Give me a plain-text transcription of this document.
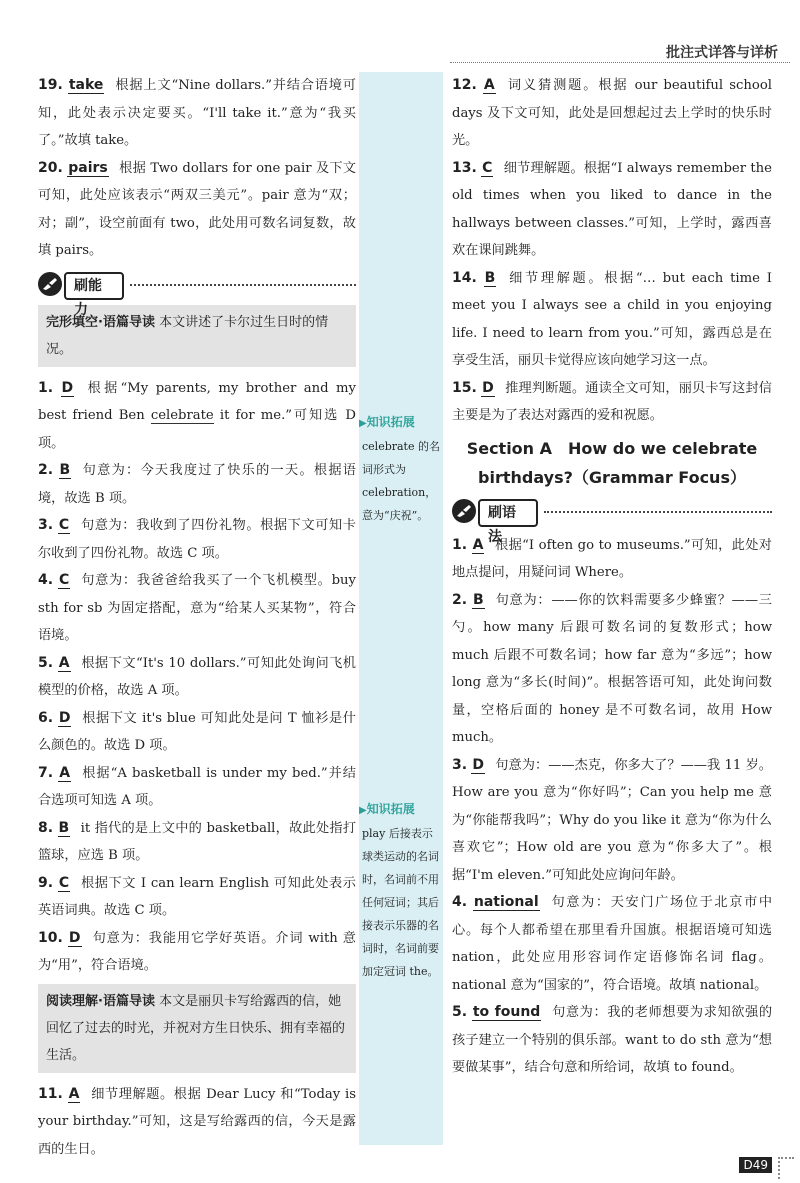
批注式详答与详析
19. take 根据上文“Nine dollars.”并结合语境可知，此处表示决定要买。“I'll take it.”意为“我买了。”故填 take。
20. pairs 根据 Two dollars for one pair 及下文可知，此处应该表示“两双三美元”。pair 意为“双；对；副”，设空前面有 two，此处用可数名词复数，故填 pairs。
刷能力
完形填空·语篇导读 本文讲述了卡尔过生日时的情况。
1. D 根据“My parents, my brother and my best friend Ben celebrate it for me.”可知选 D 项。
2. B 句意为：今天我度过了快乐的一天。根据语境，故选 B 项。
3. C 句意为：我收到了四份礼物。根据下文可知卡尔收到了四份礼物。故选 C 项。
4. C 句意为：我爸爸给我买了一个飞机模型。buy sth for sb 为固定搭配，意为“给某人买某物”，符合语境。
5. A 根据下文“It's 10 dollars.”可知此处询问飞机模型的价格，故选 A 项。
6. D 根据下文 it's blue 可知此处是问 T 恤衫是什么颜色的。故选 D 项。
7. A 根据“A basketball is under my bed.”并结合选项可知选 A 项。
8. B it 指代的是上文中的 basketball，故此处指打篮球，应选 B 项。
9. C 根据下文 I can learn English 可知此处表示英语词典。故选 C 项。
10. D 句意为：我能用它学好英语。介词 with 意为“用”，符合语境。
阅读理解·语篇导读 本文是丽贝卡写给露西的信，她回忆了过去的时光，并祝对方生日快乐、拥有幸福的生活。
11. A 细节理解题。根据 Dear Lucy 和“Today is your birthday.”可知，这是写给露西的信，今天是露西的生日。
▶知识拓展
celebrate 的名词形式为 celebration，意为“庆祝”。
▶知识拓展
play 后接表示球类运动的名词时，名词前不用任何冠词；其后接表示乐器的名词时，名词前要加定冠词 the。
12. A 词义猜测题。根据 our beautiful school days 及下文可知，此处是回想起过去上学时的快乐时光。
13. C 细节理解题。根据“I always remember the old times when you liked to dance in the hallways between classes.”可知，上学时，露西喜欢在课间跳舞。
14. B 细节理解题。根据“… but each time I meet you I always see a child in you enjoying life. I need to learn from you.”可知，露西总是在享受生活，丽贝卡觉得应该向她学习这一点。
15. D 推理判断题。通读全文可知，丽贝卡写这封信主要是为了表达对露西的爱和祝愿。
Section A　How do we celebrate
birthdays?（Grammar Focus）
刷语法
1. A 根据“I often go to museums.”可知，此处对地点提问，用疑问词 Where。
2. B 句意为：——你的饮料需要多少蜂蜜？——三勺。how many 后跟可数名词的复数形式；how much 后跟不可数名词；how far 意为“多远”；how long 意为“多长(时间)”。根据答语可知，此处询问数量，空格后面的 honey 是不可数名词，故用 How much。
3. D 句意为：——杰克，你多大了？——我 11 岁。How are you 意为“你好吗”；Can you help me 意为“你能帮我吗”；Why do you like it 意为“你为什么喜欢它”；How old are you 意为“你多大了”。根据“I'm eleven.”可知此处应询问年龄。
4. national 句意为：天安门广场位于北京市中心。每个人都希望在那里看升国旗。根据语境可知选 nation，此处应用形容词作定语修饰名词 flag。national 意为“国家的”，符合语境。故填 national。
5. to found 句意为：我的老师想要为求知欲强的孩子建立一个特别的俱乐部。want to do sth 意为“想要做某事”，结合句意和所给词，故填 to found。
D49
